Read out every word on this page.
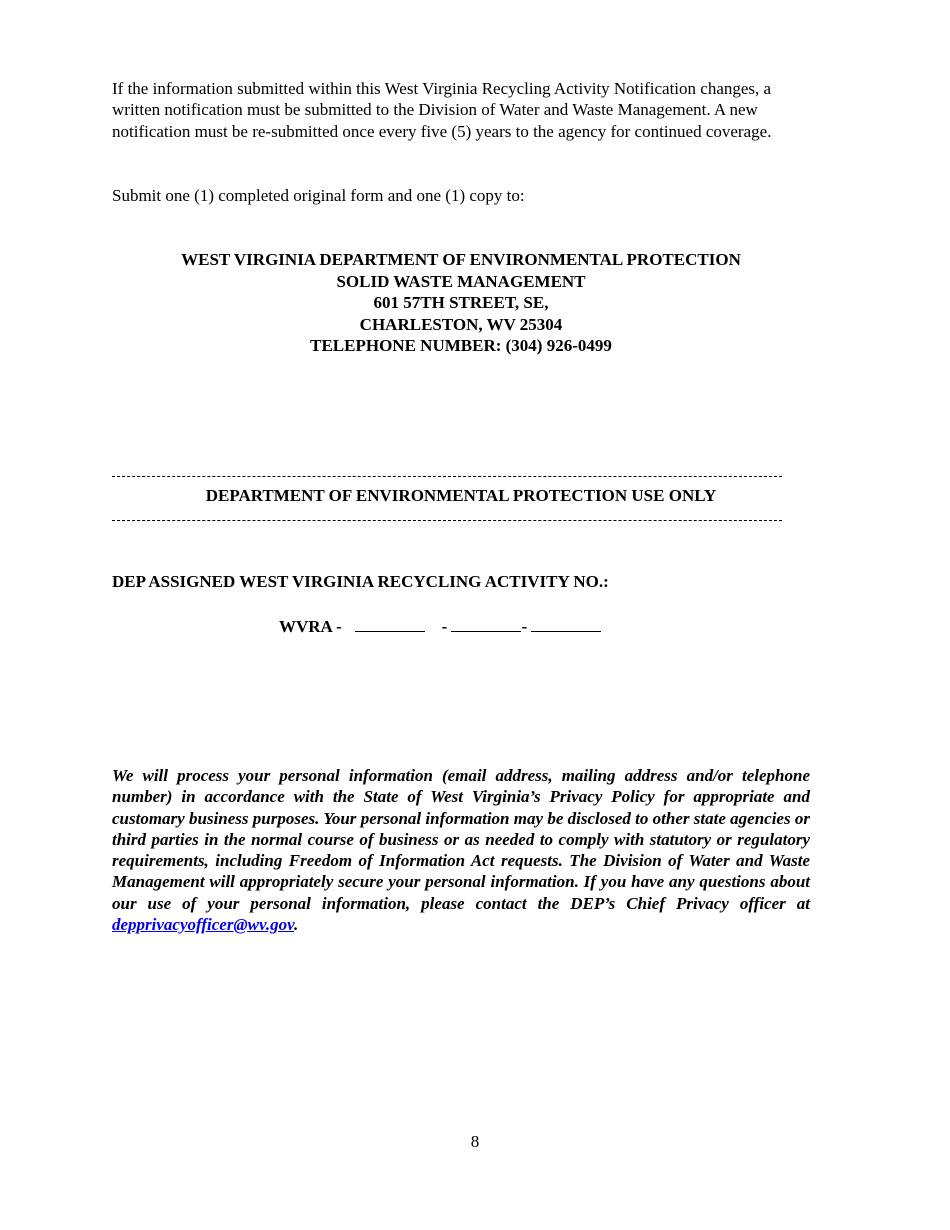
If the information submitted within this West Virginia Recycling Activity Notification changes, a written notification must be submitted to the Division of Water and Waste Management. A new notification must be re-submitted once every five (5) years to the agency for continued coverage.
Submit one (1) completed original form and one (1) copy to:
WEST VIRGINIA DEPARTMENT OF ENVIRONMENTAL PROTECTION
SOLID WASTE MANAGEMENT
601 57TH STREET, SE,
CHARLESTON, WV 25304
TELEPHONE NUMBER: (304) 926-0499
DEPARTMENT OF ENVIRONMENTAL PROTECTION USE ONLY
DEP ASSIGNED WEST VIRGINIA RECYCLING ACTIVITY NO.:
WVRA -	-	-
We will process your personal information (email address, mailing address and/or telephone number) in accordance with the State of West Virginia’s Privacy Policy for appropriate and customary business purposes. Your personal information may be disclosed to other state agencies or third parties in the normal course of business or as needed to comply with statutory or regulatory requirements, including Freedom of Information Act requests. The Division of Water and Waste Management will appropriately secure your personal information. If you have any questions about our use of your personal information, please contact the DEP’s Chief Privacy officer at depprivacyofficer@wv.gov.
8
